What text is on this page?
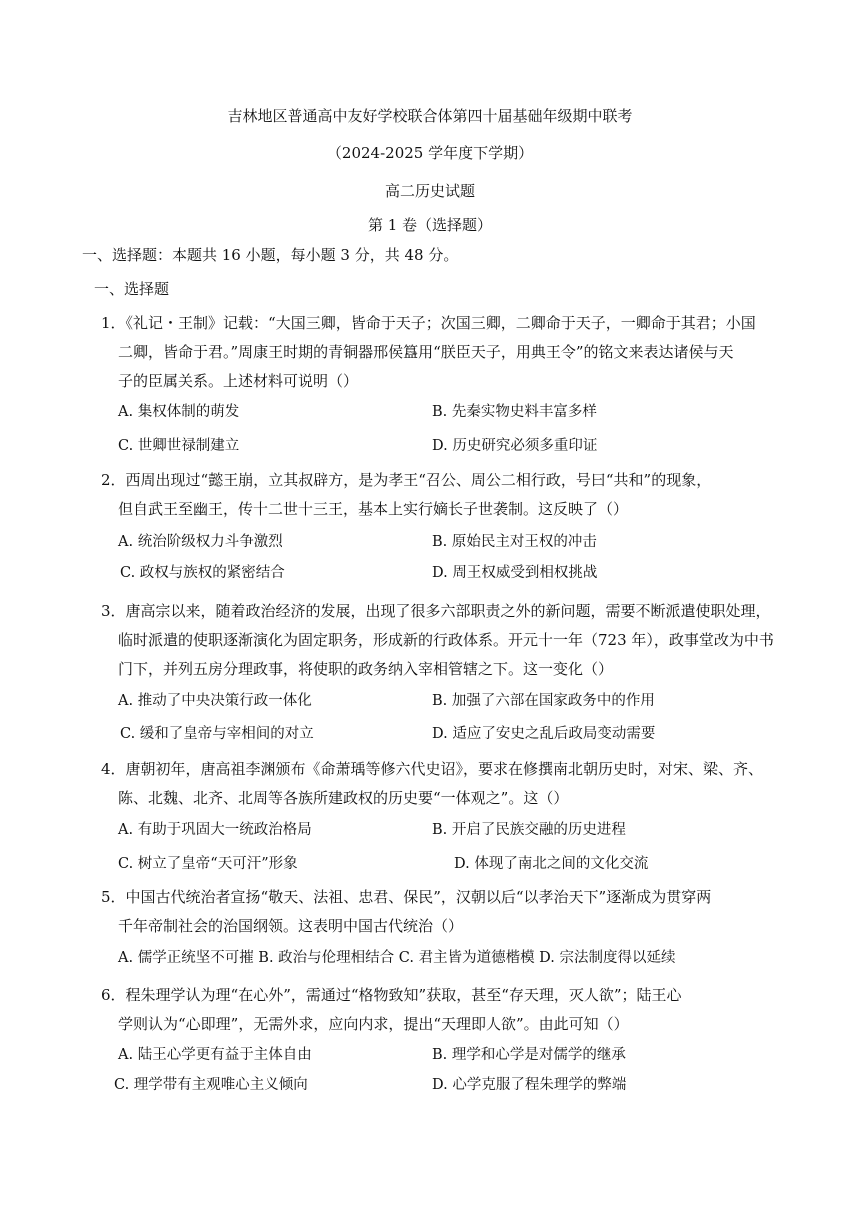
吉林地区普通高中友好学校联合体第四十届基础年级期中联考
（2024-2025 学年度下学期）
高二历史试题
第 1 卷（选择题）
一、选择题：本题共 16 小题，每小题 3 分，共 48 分。
一、选择题
1．《礼记・王制》记载：“大国三卿，皆命于天子；次国三卿，二卿命于天子，一卿命于其君；小国
二卿，皆命于君。”周康王时期的青铜器邢侯簋用“朕臣天子，用典王令”的铭文来表达诸侯与天
子的臣属关系。上述材料可说明（）
A. 集权体制的萌发	B. 先秦实物史料丰富多样
C. 世卿世禄制建立	D. 历史研究必须多重印证
2．西周出现过“懿王崩，立其叔辟方，是为孝王“召公、周公二相行政，号曰“共和”的现象，
但自武王至幽王，传十二世十三王，基本上实行嫡长子世袭制。这反映了（）
A. 统治阶级权力斗争激烈	B. 原始民主对王权的冲击
C. 政权与族权的紧密结合	D. 周王权威受到相权挑战
3．唐高宗以来，随着政治经济的发展，出现了很多六部职责之外的新问题，需要不断派遣使职处理，
临时派遣的使职逐渐演化为固定职务，形成新的行政体系。开元十一年（723 年），政事堂改为中书
门下，并列五房分理政事，将使职的政务纳入宰相管辖之下。这一变化（）
A. 推动了中央决策行政一体化	B. 加强了六部在国家政务中的作用
C. 缓和了皇帝与宰相间的对立	D. 适应了安史之乱后政局变动需要
4．唐朝初年，唐高祖李渊颁布《命萧瑀等修六代史诏》，要求在修撰南北朝历史时，对宋、梁、齐、
陈、北魏、北齐、北周等各族所建政权的历史要“一体观之”。这（）
A. 有助于巩固大一统政治格局	B. 开启了民族交融的历史进程
C. 树立了皇帝“天可汗”形象	D. 体现了南北之间的文化交流
5．中国古代统治者宣扬“敬天、法祖、忠君、保民”，汉朝以后“以孝治天下”逐渐成为贯穿两
千年帝制社会的治国纲领。这表明中国古代统治（）
A. 儒学正统坚不可摧 B. 政治与伦理相结合 C. 君主皆为道德楷模 D. 宗法制度得以延续
6．程朱理学认为理“在心外”，需通过“格物致知”获取，甚至“存天理，灭人欲”；陆王心
学则认为“心即理”，无需外求，应向内求，提出“天理即人欲”。由此可知（）
A. 陆王心学更有益于主体自由	B. 理学和心学是对儒学的继承
C. 理学带有主观唯心主义倾向	D. 心学克服了程朱理学的弊端
